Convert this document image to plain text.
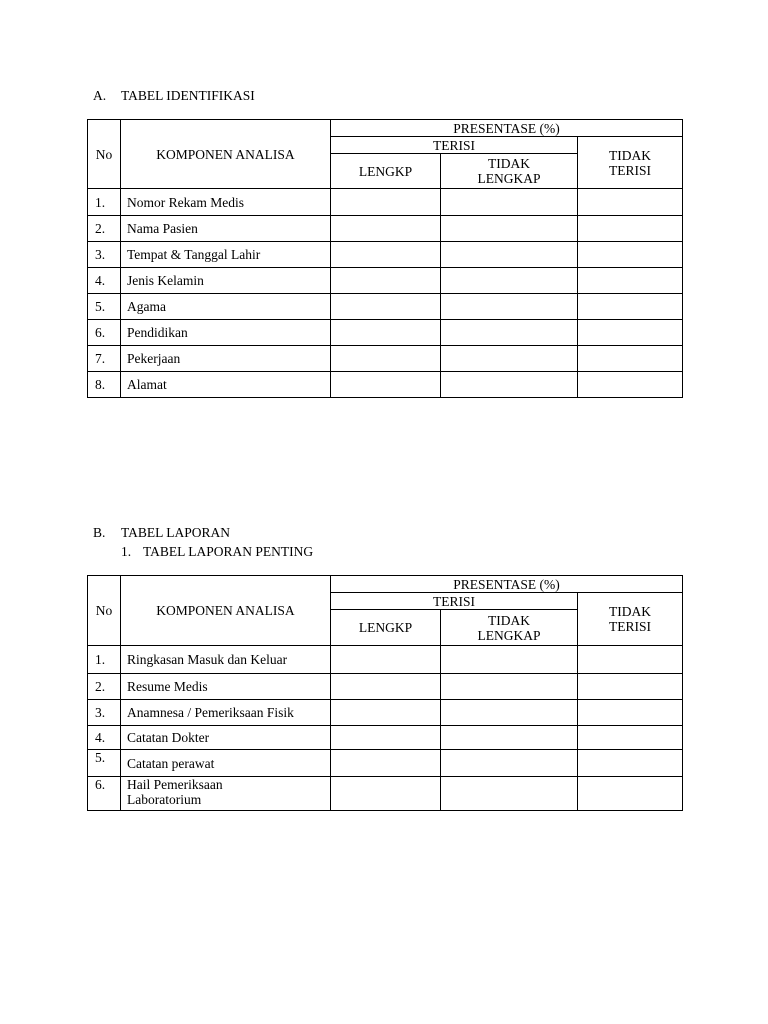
A. TABEL IDENTIFIKASI
No	KOMPONEN ANALISA	PRESENTASE (%)		
		TERISI		TIDAK
TERISI
		LENGKP	TIDAK
LENGKAP	
1.	Nomor Rekam Medis			
2.	Nama Pasien			
3.	Tempat & Tanggal Lahir			
4.	Jenis Kelamin			
5.	Agama			
6.	Pendidikan			
7.	Pekerjaan			
8.	Alamat			
B. TABEL LAPORAN
1. TABEL LAPORAN PENTING
No	KOMPONEN ANALISA	PRESENTASE (%)		
		TERISI		TIDAK
TERISI
		LENGKP	TIDAK
LENGKAP	
1.	Ringkasan Masuk dan Keluar			
2.	Resume Medis			
3.	Anamnesa / Pemeriksaan Fisik			
4.	Catatan Dokter			
5.	Catatan perawat			
6.	Hail Pemeriksaan
Laboratorium			
